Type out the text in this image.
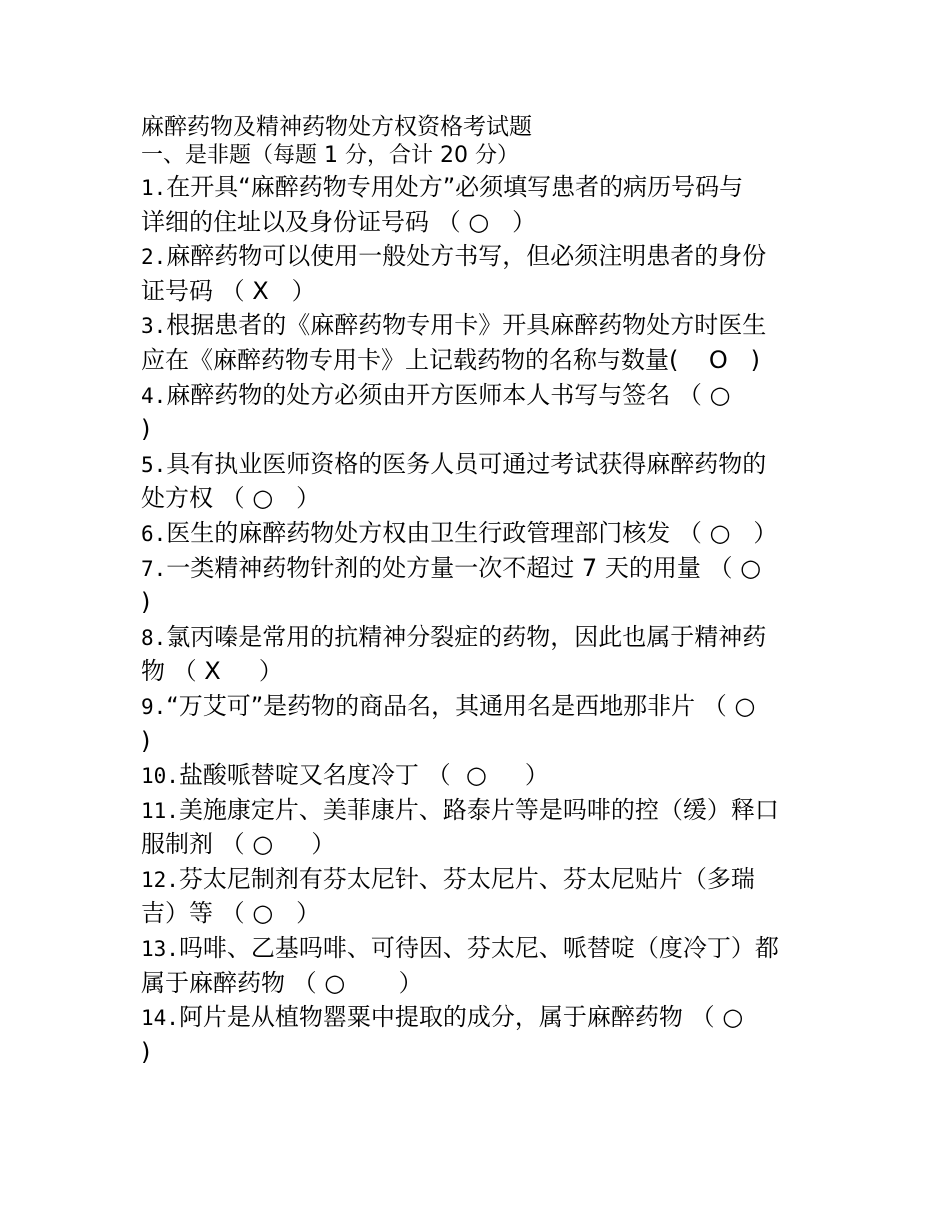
麻醉药物及精神药物处方权资格考试题
一、是非题（每题 1 分，合计 20 分）
1.在开具“麻醉药物专用处方”必须填写患者的病历号码与
详细的住址以及身份证号码 （ ○   ）
2.麻醉药物可以使用一般处方书写，但必须注明患者的身份
证号码 （ X   ）
3.根据患者的《麻醉药物专用卡》开具麻醉药物处方时医生
应在《麻醉药物专用卡》上记载药物的名称与数量(    O   )
4.麻醉药物的处方必须由开方医师本人书写与签名 （ ○
)
5.具有执业医师资格的医务人员可通过考试获得麻醉药物的
处方权 （ ○   ）
6.医生的麻醉药物处方权由卫生行政管理部门核发 （ ○   ）
7.一类精神药物针剂的处方量一次不超过 7 天的用量 （ ○
)
8.氯丙嗪是常用的抗精神分裂症的药物，因此也属于精神药
物 （ X     ）
9.“万艾可”是药物的商品名，其通用名是西地那非片 （ ○
)
10.盐酸哌替啶又名度冷丁 （  ○     ）
11.美施康定片、美菲康片、路泰片等是吗啡的控（缓）释口
服制剂 （ ○     ）
12.芬太尼制剂有芬太尼针、芬太尼片、芬太尼贴片（多瑞
吉）等 （ ○   ）
13.吗啡、乙基吗啡、可待因、芬太尼、哌替啶（度冷丁）都
属于麻醉药物 （ ○       ）
14.阿片是从植物罂粟中提取的成分，属于麻醉药物 （ ○
)
